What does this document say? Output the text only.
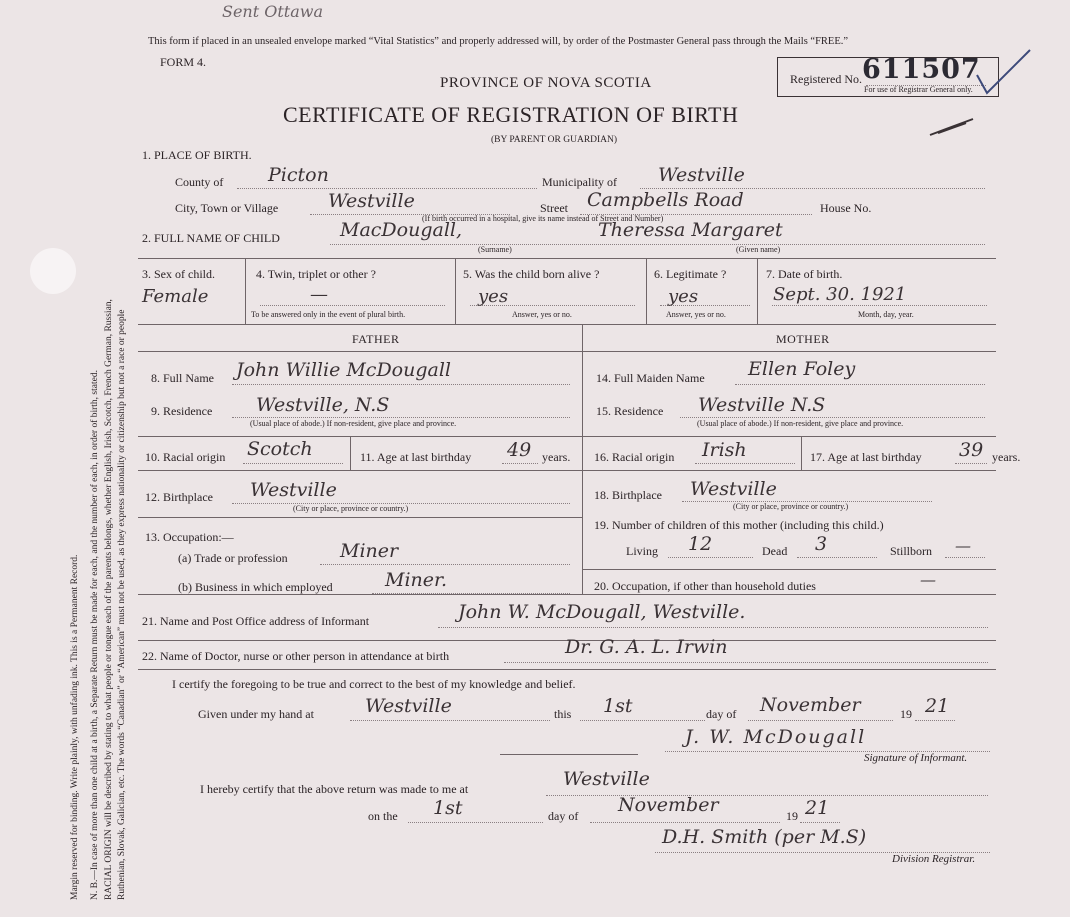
Margin reserved for binding. Write plainly, with unfading ink. This is a Permanent Record. N. B.—In case of more than one child at a birth, a Separate Return must be made for each, and the number of each, in order of birth, stated. RACIAL ORIGIN will be described by stating to what people or tongue each of the parents belongs, whether English, Irish, Scotch, French German, Russian, Ruthenian, Slovak, Galician, etc. The words “Canadian” or “American” must not be used, as they express nationality or citizenship but not a race or people
Sent Ottawa
This form if placed in an unsealed envelope marked “Vital Statistics” and properly addressed will, by order of the Postmaster General pass through the Mails “FREE.”
FORM 4.
Registered No.
For use of Registrar General only.
611507
PROVINCE OF NOVA SCOTIA
CERTIFICATE OF REGISTRATION OF BIRTH
(BY PARENT OR GUARDIAN)
1. PLACE OF BIRTH.
County of Picton	Municipality of Westville
City, Town or Village	Westville	Street Campbells Road	House No.
(If birth occurred in a hospital, give its name instead of Street and Number)
2. FULL NAME OF CHILD	MacDougall,	Theressa Margaret
(Surname)	(Given name)
3. Sex of child.
Female
4. Twin, triplet or other ?
—
To be answered only in the event of plural birth.
5. Was the child born alive ?
yes
Answer, yes or no.
6. Legitimate ?
yes
Answer, yes or no.
7. Date of birth.
Sept. 30. 1921
Month, day, year.
FATHER	MOTHER
8. Full Name John Willie McDougall
9. Residence Westville, N.S
(Usual place of abode.) If non-resident, give place and province.
10. Racial origin Scotch	11. Age at last birthday 49 years.
12. Birthplace Westville
(City or place, province or country.)
13. Occupation:—
(a) Trade or profession	Miner
(b) Business in which employed	Miner.
14. Full Maiden Name Ellen Foley
15. Residence Westville N.S
(Usual place of abode.) If non-resident, give place and province.
16. Racial origin Irish	17. Age at last birthday 39 years.
18. Birthplace Westville
(City or place, province or country.)
19. Number of children of this mother (including this child.)
Living 12	Dead 3	Stillborn —
20. Occupation, if other than household duties	—
21. Name and Post Office address of Informant	John W. McDougall, Westville.
22. Name of Doctor, nurse or other person in attendance at birth	Dr. G. A. L. Irwin
I certify the foregoing to be true and correct to the best of my knowledge and belief.
Given under my hand at	Westville	this 1st	day of November	19 21
J. W. McDougall
Signature of Informant.
I hereby certify that the above return was made to me at	Westville
on the 1st	day of November	19 21
D.H. Smith (per M.S)
Division Registrar.
